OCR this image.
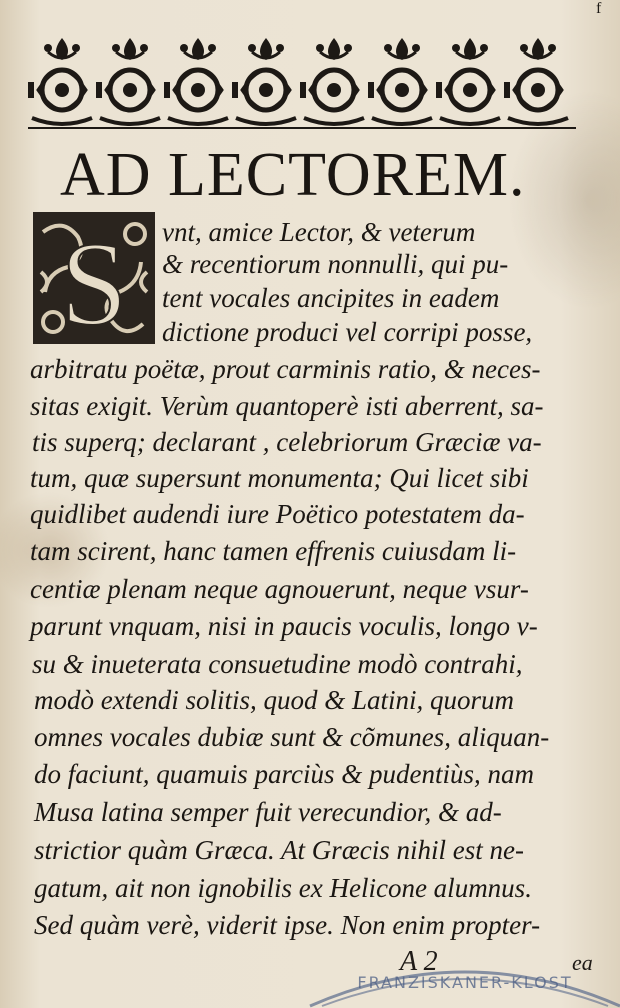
f
AD LECTOREM.
S vnt, amice Lector, & veterum

& recentiorum nonnulli, qui pu-

tent vocales ancipites in eadem

dictione produci vel corripi posse,

arbitratu poëtæ, prout carminis ratio, & neces-

sitas exigit. Verùm quantoperè isti aberrent, sa-

tis superq; declarant , celebriorum Græciæ va-

tum, quæ supersunt monumenta; Qui licet sibi

quidlibet audendi iure Poëtico potestatem da-

tam scirent, hanc tamen effrenis cuiusdam li-

centiæ plenam neque agnouerunt, neque vsur-

parunt vnquam, nisi in paucis voculis, longo v-

su & inueterata consuetudine modò contrahi,

modò extendi solitis, quod & Latini, quorum

omnes vocales dubiæ sunt & cõmunes, aliquan-

do faciunt, quamuis parciùs & pudentiùs, nam

Musa latina semper fuit verecundior, & ad-

strictior quàm Græca. At Græcis nihil est ne-

gatum, ait non ignobilis ex Helicone alumnus.

Sed quàm verè, viderit ipse. Non enim propter-

FRANZISKANER-KLOST
A 2	ea
